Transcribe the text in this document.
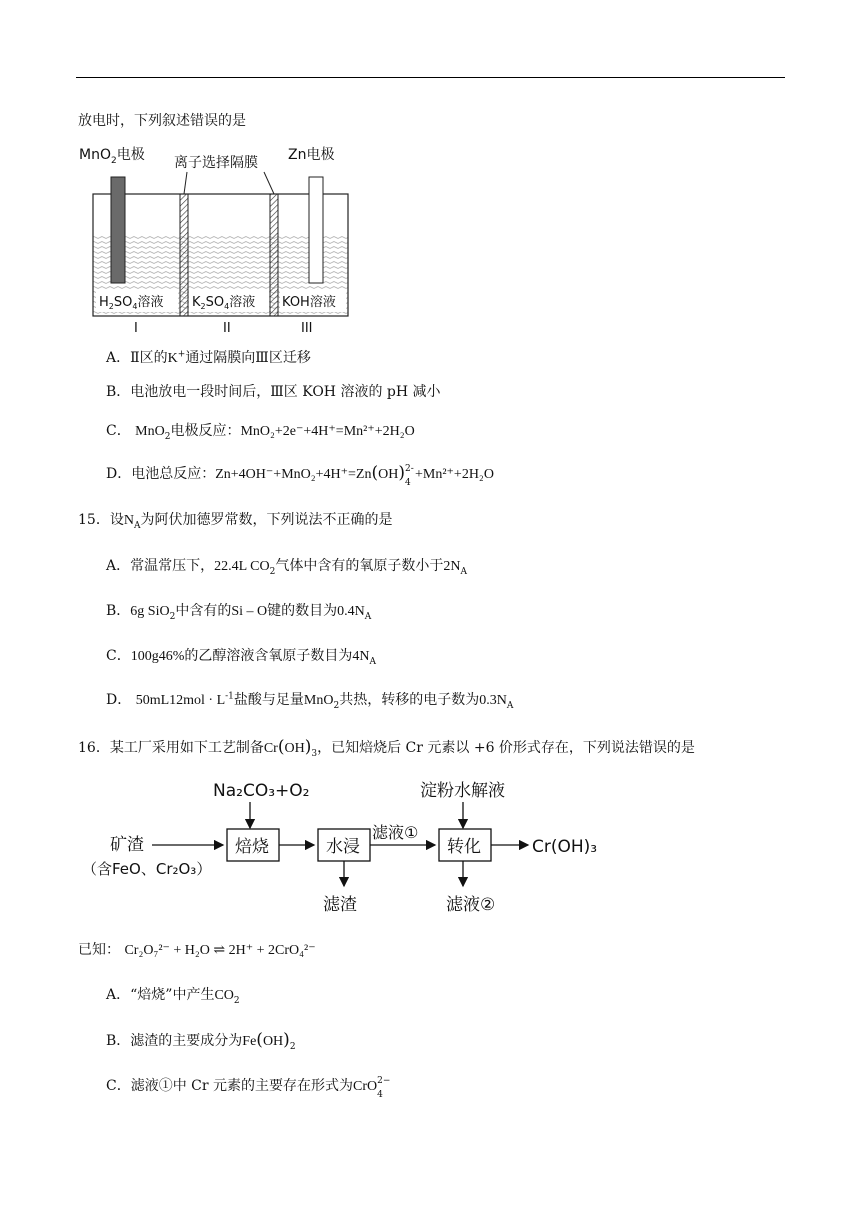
放电时，下列叙述错误的是
MnO$_2$电极 离子选择隔膜 Zn电极
$H_2SO_4$溶液 $K_2SO_4$溶液 KOH溶液
I	II	III
A．Ⅱ区的K+通过隔膜向Ⅲ区迁移
B．电池放电一段时间后，Ⅲ区 KOH 溶液的 pH 减小
C． MnO$_2$电极反应：MnO₂+2e⁻+4H⁺=Mn²⁺+2H₂O
D．电池总反应：Zn+4OH⁻+MnO₂+4H⁺=Zn(OH) 2-
4
+Mn²⁺+2H₂O
15．设$N_A$为阿伏加德罗常数，下列说法不正确的是
A．常温常压下，22.4L $CO_2$气体中含有的氧原子数小于$2N_A$
B．6g SiO$_2$中含有的Si – O键的数目为$0.4N_A$
C．100g46%的乙醇溶液含氧原子数目为$4N_A$
D． $50mL12mol \cdot L^{-1}$盐酸与足量MnO$_2$共热，转移的电子数为$0.3N_A$
16．某工厂采用如下工艺制备$Cr(OH)_3$，已知焙烧后 Cr 元素以 +6 价形式存在，下列说法错误的是
Na₂CO₃+O₂	淀粉水解液
矿渣
（含FeO、Cr₂O₃）
焙烧	水浸
滤液①
转化	Cr(OH)₃
滤渣	滤液②
已知： Cr₂O₇²⁻ + H₂O ⇌ 2H⁺ + 2CrO₄²⁻
A．“焙烧”中产生$CO_2$
B．滤渣的主要成分为$Fe(OH)_2$
C．滤液①中 Cr 元素的主要存在形式为CrO 2−
4
